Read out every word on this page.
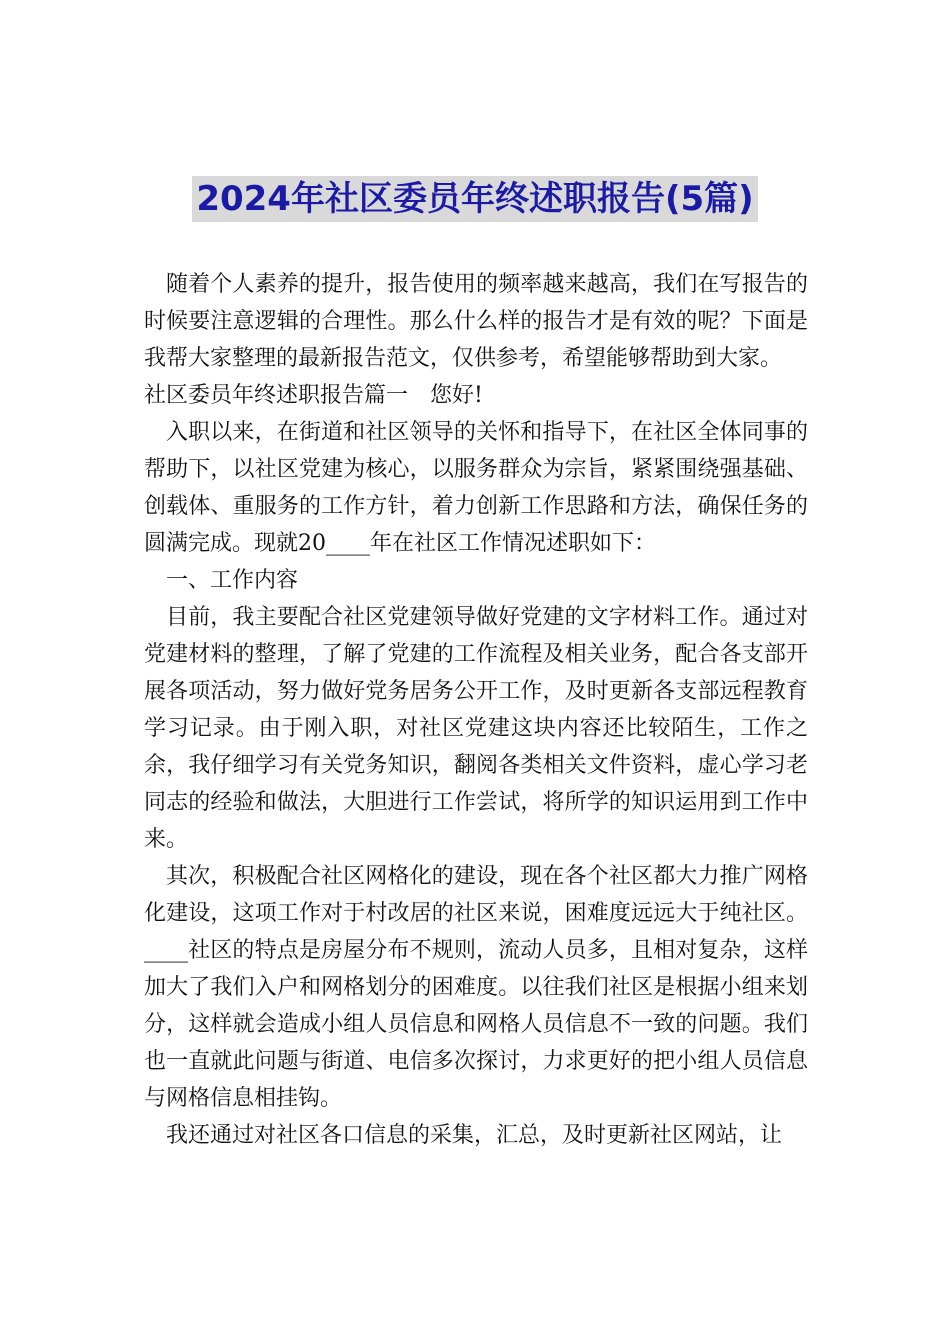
2024年社区委员年终述职报告(5篇)

随着个人素养的提升，报告使用的频率越来越高，我们在写报告的时候要注意逻辑的合理性。那么什么样的报告才是有效的呢？下面是我帮大家整理的最新报告范文，仅供参考，希望能够帮助到大家。

社区委员年终述职报告篇一　您好!

入职以来，在街道和社区领导的关怀和指导下，在社区全体同事的帮助下，以社区党建为核心，以服务群众为宗旨，紧紧围绕强基础、创载体、重服务的工作方针，着力创新工作思路和方法，确保任务的圆满完成。现就20____年在社区工作情况述职如下：

一、工作内容

目前，我主要配合社区党建领导做好党建的文字材料工作。通过对党建材料的整理，了解了党建的工作流程及相关业务，配合各支部开展各项活动，努力做好党务居务公开工作，及时更新各支部远程教育学习记录。由于刚入职，对社区党建这块内容还比较陌生，工作之余，我仔细学习有关党务知识，翻阅各类相关文件资料，虚心学习老同志的经验和做法，大胆进行工作尝试，将所学的知识运用到工作中来。

其次，积极配合社区网格化的建设，现在各个社区都大力推广网格化建设，这项工作对于村改居的社区来说，困难度远远大于纯社区。____社区的特点是房屋分布不规则，流动人员多，且相对复杂，这样加大了我们入户和网格划分的困难度。以往我们社区是根据小组来划分，这样就会造成小组人员信息和网格人员信息不一致的问题。我们也一直就此问题与街道、电信多次探讨，力求更好的把小组人员信息与网格信息相挂钩。

我还通过对社区各口信息的采集，汇总，及时更新社区网站，让
